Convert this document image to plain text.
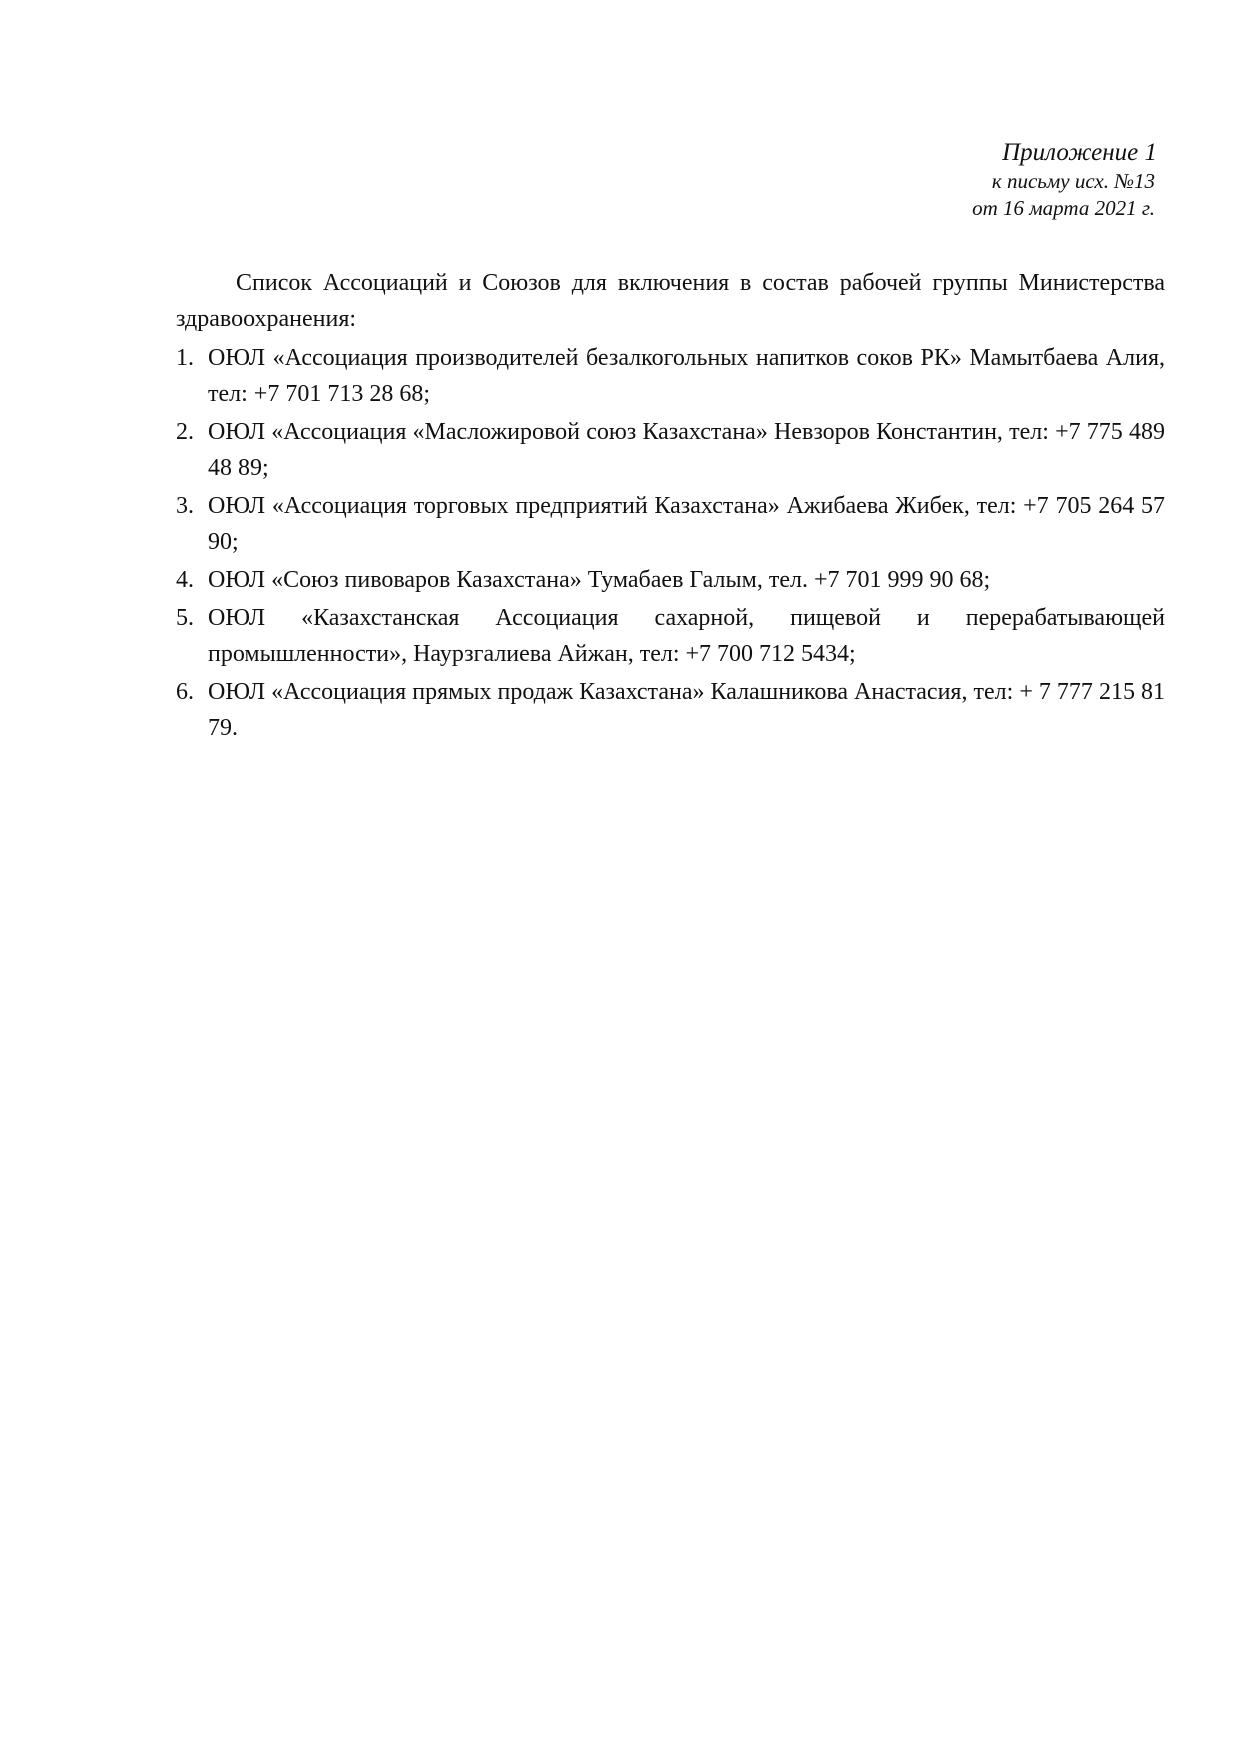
Приложение 1
к письму исх. №13
от 16 марта 2021 г.
Список Ассоциаций и Союзов для включения в состав рабочей группы Министерства здравоохранения:
1. ОЮЛ «Ассоциация производителей безалкогольных напитков соков РК» Мамытбаева Алия, тел: +7 701 713 28 68;
2. ОЮЛ «Ассоциация «Масложировой союз Казахстана» Невзоров Константин, тел: +7 775 489 48 89;
3. ОЮЛ «Ассоциация торговых предприятий Казахстана» Ажибаева Жибек, тел: +7 705 264 57 90;
4. ОЮЛ «Союз пивоваров Казахстана» Тумабаев Галым, тел. +7 701 999 90 68;
5. ОЮЛ «Казахстанская Ассоциация сахарной, пищевой и перерабатывающей промышленности», Наурзгалиева Айжан, тел: +7 700 712 5434;
6. ОЮЛ «Ассоциация прямых продаж Казахстана» Калашникова Анастасия, тел: + 7 777 215 81 79.
